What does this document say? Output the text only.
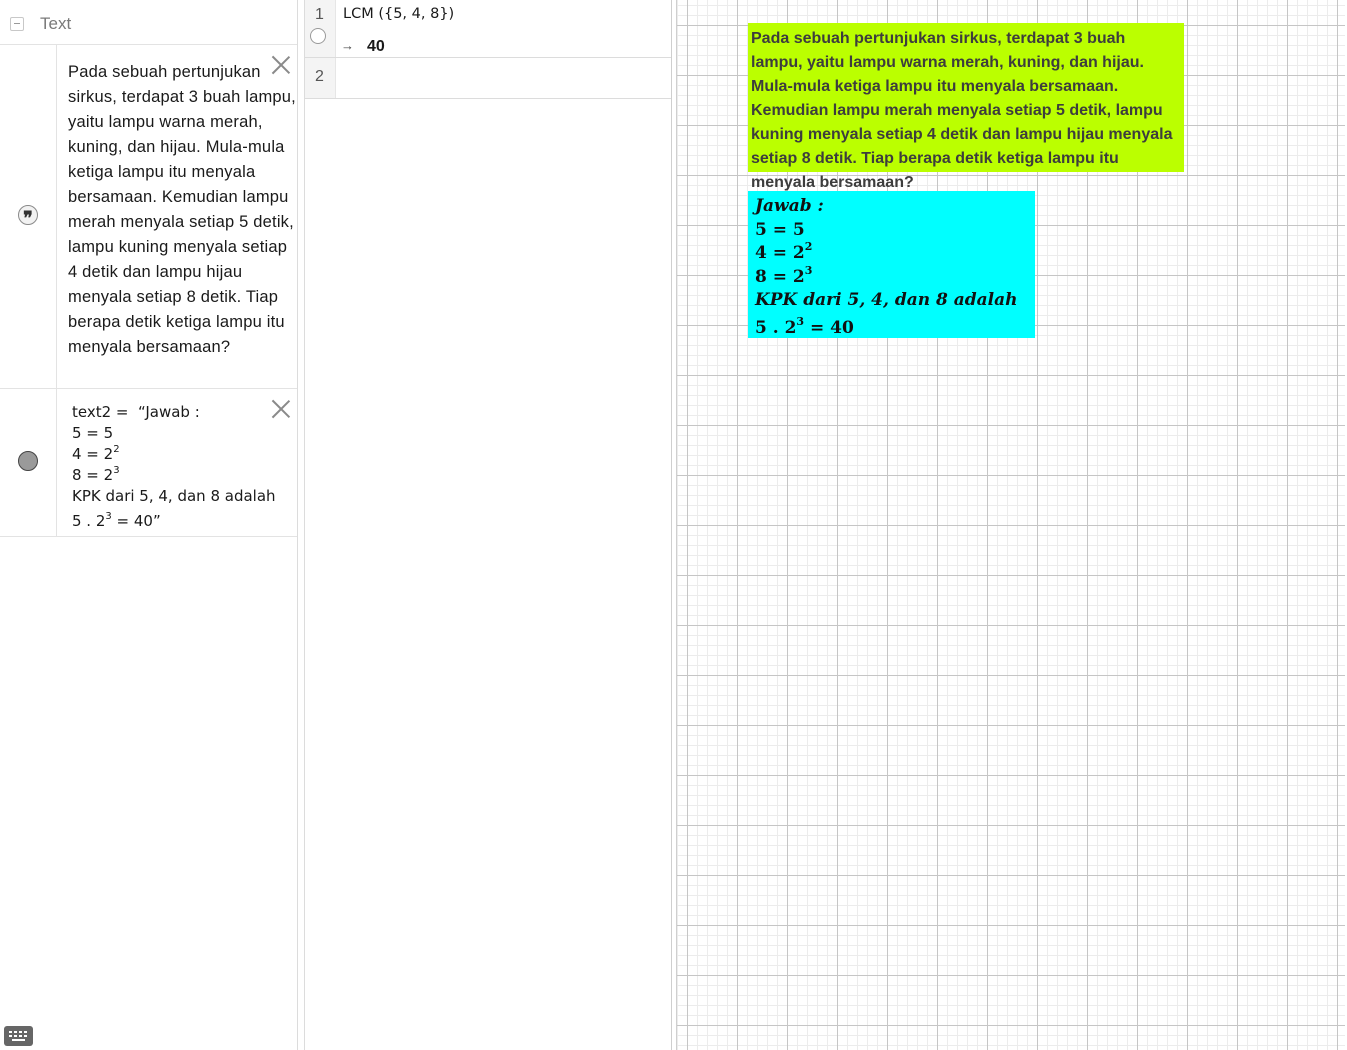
Text
❞
Pada sebuah pertunjukan sirkus, terdapat 3 buah lampu, yaitu lampu warna merah, kuning, dan hijau. Mula-mula ketiga lampu itu menyala bersamaan. Kemudian lampu merah menyala setiap 5 detik, lampu kuning menyala setiap 4 detik dan lampu hijau menyala setiap 8 detik. Tiap berapa detik ketiga lampu itu menyala bersamaan?
text2 = “Jawab :
5 = 5
$4 = 2^2$
$8 = 2^3$
KPK dari 5, 4, dan 8 adalah
5 . $2^3 = 40$”
1 LCM ({5, 4, 8})
→ 40
2
Pada sebuah pertunjukan sirkus, terdapat 3 buah lampu, yaitu lampu warna merah, kuning, dan hijau. Mula-mula ketiga lampu itu menyala bersamaan. Kemudian lampu merah menyala setiap 5 detik, lampu kuning menyala setiap 4 detik dan lampu hijau menyala setiap 8 detik. Tiap berapa detik ketiga lampu itu menyala bersamaan?
Jawab :
5 = 5
$4 = 2^2$
$8 = 2^3$
KPK dari 5, 4, dan 8 adalah
5 . $2^3 = 40$
